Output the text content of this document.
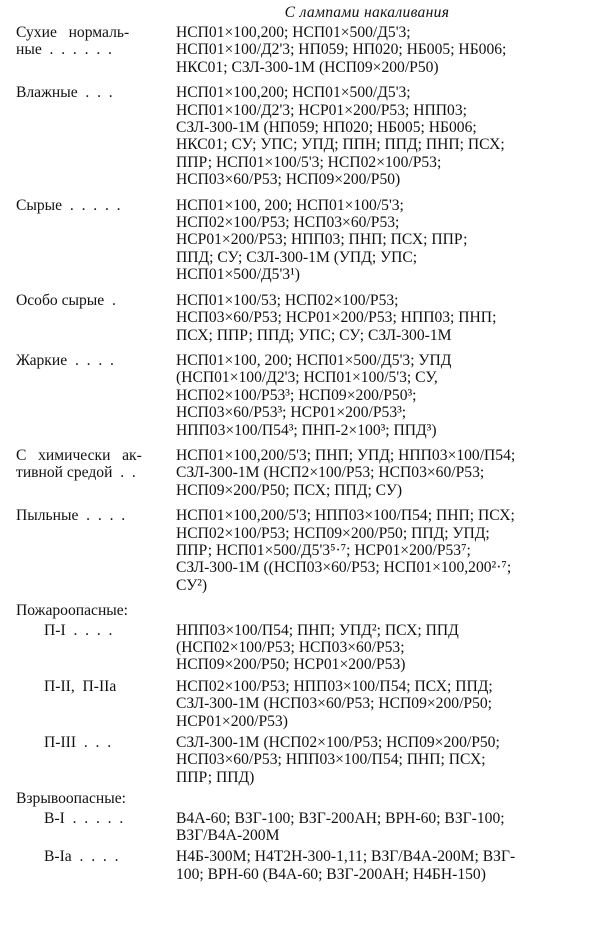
С лампами накаливания
Сухие   нормаль-
ные  .  .  .  .  .  .
НСП01×100,200; НСП01×500/Д5'3;
НСП01×100/Д2'3; НП059; НП020; НБ005; НБ006;
НКС01; СЗЛ-300-1М (НСП09×200/Р50)
Влажные  .  .  .	НСП01×100,200; НСП01×500/Д5'3;
НСП01×100/Д2'3; НСР01×200/Р53; НПП03;
СЗЛ-300-1М (НП059; НП020; НБ005; НБ006;
НКС01; СУ; УПС; УПД; ППН; ППД; ПНП; ПСХ;
ППР; НСП01×100/5'3; НСП02×100/Р53;
НСП03×60/Р53; НСП09×200/Р50)
Сырые  .  .  .  .  .	НСП01×100, 200; НСП01×100/5'3;
НСП02×100/Р53; НСП03×60/Р53;
НСР01×200/Р53; НПП03; ПНП; ПСХ; ППР;
ППД; СУ; СЗЛ-300-1М (УПД; УПС;
НСП01×500/Д5'3¹)
Особо сырые  .	НСП01×100/53; НСП02×100/Р53;
НСП03×60/Р53; НСР01×200/Р53; НПП03; ПНП;
ПСХ; ППР; ППД; УПС; СУ; СЗЛ-300-1М
Жаркие  .  .  .  .	НСП01×100, 200; НСП01×500/Д5'3; УПД
(НСП01×100/Д2'3; НСП01×100/5'3; СУ,
НСП02×100/Р53³; НСП09×200/Р50³;
НСП03×60/Р53³; НСР01×200/Р53³;
НПП03×100/П54³; ПНП-2×100³; ППД³)
С   химически   ак-
тивной средой  .  .
НСП01×100,200/5'3; ПНП; УПД; НПП03×100/П54;
СЗЛ-300-1М (НСП2×100/Р53; НСП03×60/Р53;
НСП09×200/Р50; ПСХ; ППД; СУ)
Пыльные  .  .  .  .	НСП01×100,200/5'3; НПП03×100/П54; ПНП; ПСХ;
НСП02×100/Р53; НСП09×200/Р50; ППД; УПД;
ППР; НСП01×500/Д5'3⁵·⁷; НСР01×200/Р53⁷;
СЗЛ-300-1М ((НСП03×60/Р53; НСП01×100,200²·⁷;
СУ²)
Пожароопасные:
П-I  .  .  .  .	НПП03×100/П54; ПНП; УПД²; ПСХ; ППД
(НСП02×100/Р53; НСП03×60/Р53;
НСП09×200/Р50; НСР01×200/Р53)
П-II,  П-IIа	НСП02×100/Р53; НПП03×100/П54; ПСХ; ППД;
СЗЛ-300-1М (НСП03×60/Р53; НСП09×200/Р50;
НСР01×200/Р53)
П-III  .  .  .	СЗЛ-300-1М (НСП02×100/Р53; НСП09×200/Р50;
НСП03×60/Р53; НПП03×100/П54; ПНП; ПСХ;
ППР; ППД)
Взрывоопасные:
В-I  .  .  .  .  .	В4А-60; ВЗГ-100; ВЗГ-200АН; ВРН-60; ВЗГ-100;
ВЗГ/В4А-200М
В-Iа  .  .  .  .	Н4Б-300М; Н4Т2Н-300-1,11; ВЗГ/В4А-200М; ВЗГ-
100; ВРН-60 (В4А-60; ВЗГ-200АН; Н4БН-150)
